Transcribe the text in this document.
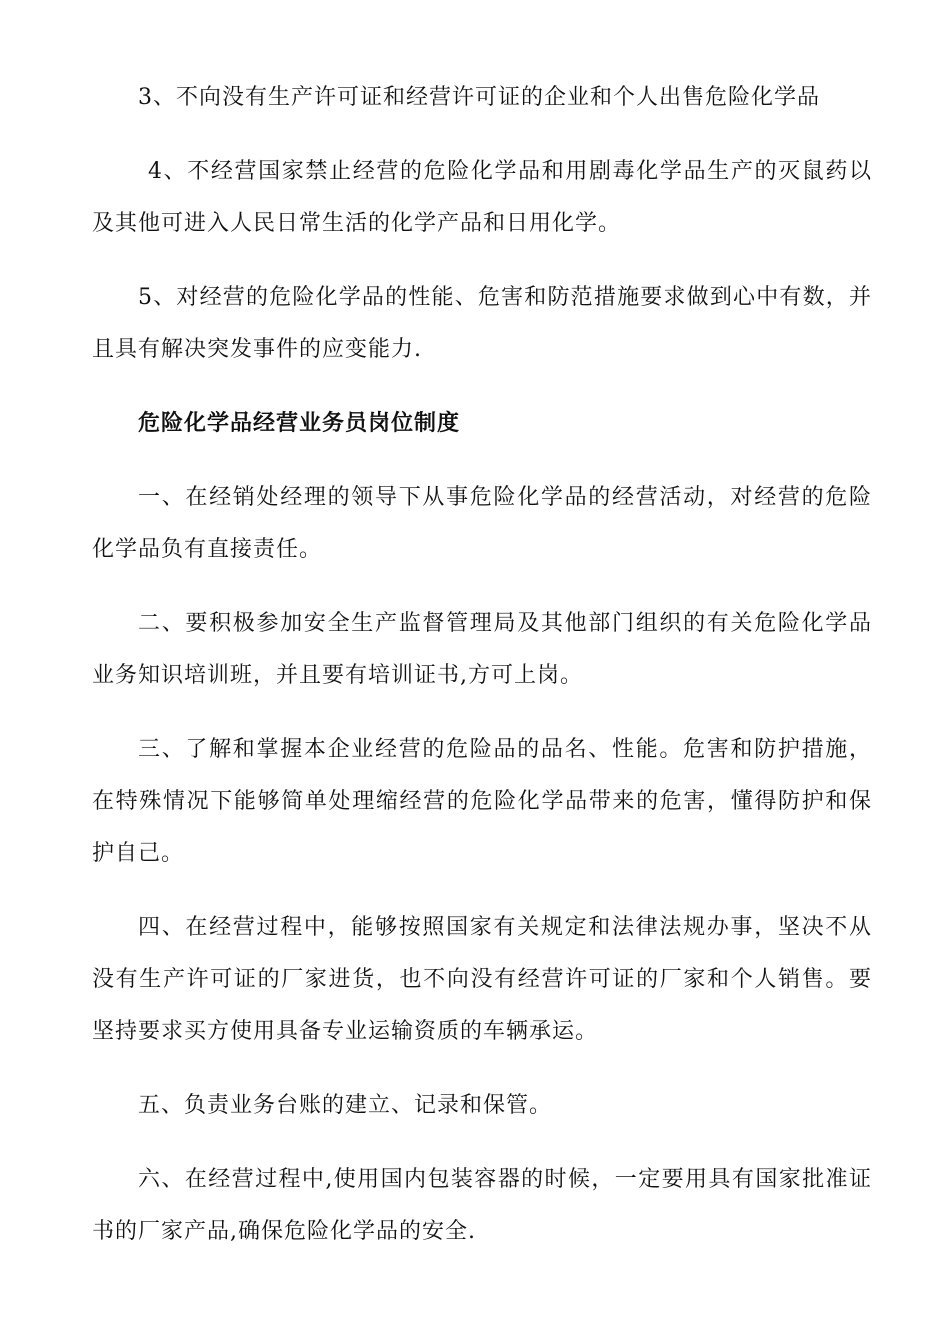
3、不向没有生产许可证和经营许可证的企业和个人出售危险化学品

4、不经营国家禁止经营的危险化学品和用剧毒化学品生产的灭鼠药以及其他可进入人民日常生活的化学产品和日用化学。

5、对经营的危险化学品的性能、危害和防范措施要求做到心中有数，并且具有解决突发事件的应变能力.

危险化学品经营业务员岗位制度

一、在经销处经理的领导下从事危险化学品的经营活动，对经营的危险化学品负有直接责任。

二、要积极参加安全生产监督管理局及其他部门组织的有关危险化学品业务知识培训班，并且要有培训证书,方可上岗。

三、了解和掌握本企业经营的危险品的品名、性能。危害和防护措施，在特殊情况下能够简单处理缩经营的危险化学品带来的危害，懂得防护和保护自己。

四、在经营过程中，能够按照国家有关规定和法律法规办事，坚决不从没有生产许可证的厂家进货，也不向没有经营许可证的厂家和个人销售。要坚持要求买方使用具备专业运输资质的车辆承运。

五、负责业务台账的建立、记录和保管。

六、在经营过程中,使用国内包装容器的时候，一定要用具有国家批准证书的厂家产品,确保危险化学品的安全.
